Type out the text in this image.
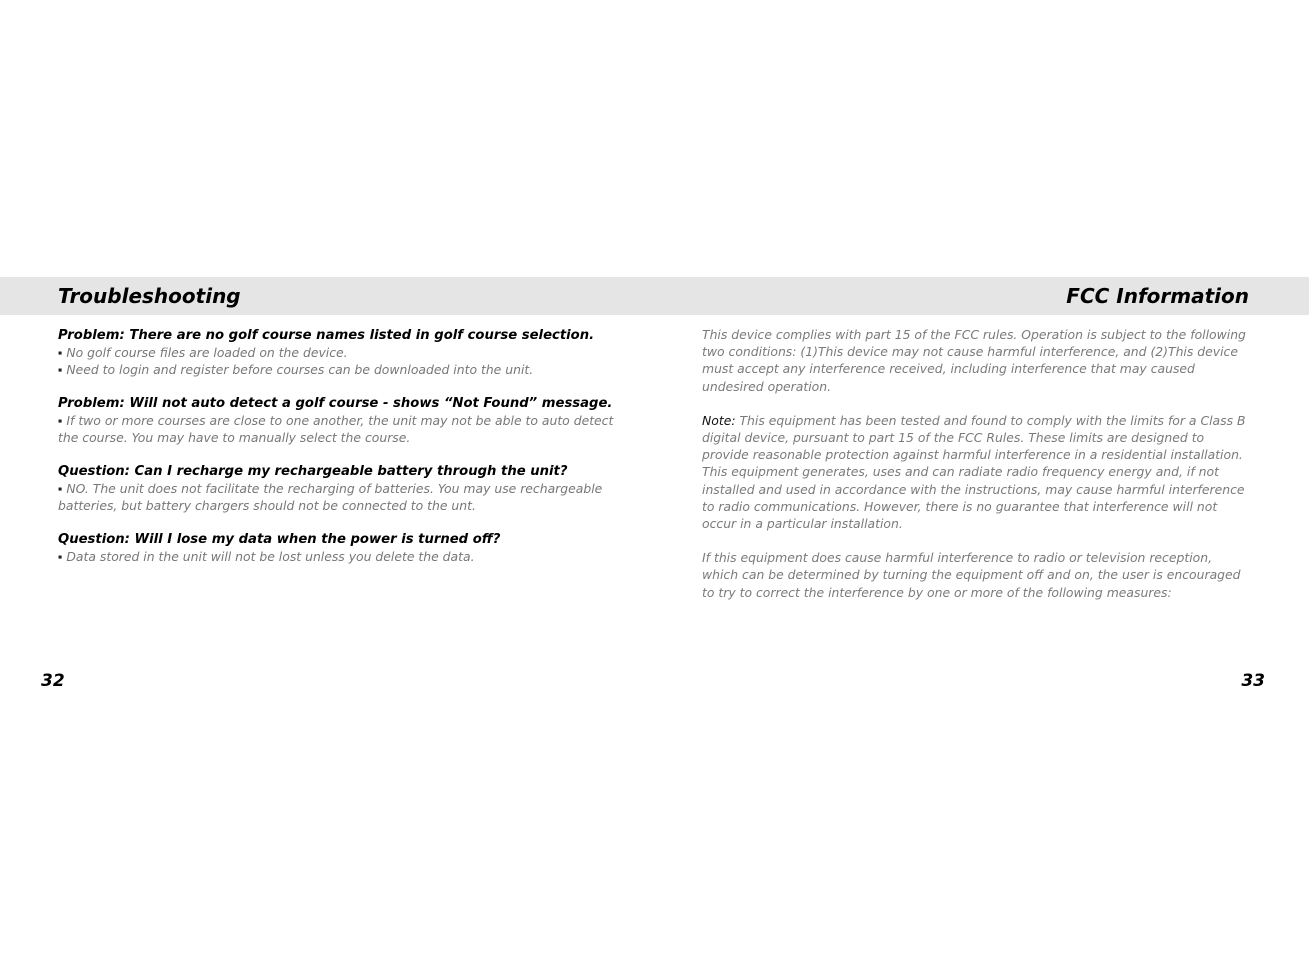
Troubleshooting	FCC Information

Problem: There are no golf course names listed in golf course selection.

▪ No golf course files are loaded on the device.

▪ Need to login and register before courses can be downloaded into the unit.

Problem: Will not auto detect a golf course - shows “Not Found” message.

▪ If two or more courses are close to one another, the unit may not be able to auto detect the course. You may have to manually select the course.

Question: Can I recharge my rechargeable battery through the unit?

▪ NO. The unit does not facilitate the recharging of batteries. You may use rechargeable batteries, but battery chargers should not be connected to the unt.

Question: Will I lose my data when the power is turned off?

▪ Data stored in the unit will not be lost unless you delete the data.

This device complies with part 15 of the FCC rules. Operation is subject to the following two conditions: (1)This device may not cause harmful interference, and (2)This device must accept any interference received, including interference that may caused undesired operation.

Note: This equipment has been tested and found to comply with the limits for a Class B digital device, pursuant to part 15 of the FCC Rules. These limits are designed to provide reasonable protection against harmful interference in a residential installation. This equipment generates, uses and can radiate radio frequency energy and, if not installed and used in accordance with the instructions, may cause harmful interference to radio communications. However, there is no guarantee that interference will not occur in a particular installation.

If this equipment does cause harmful interference to radio or television reception, which can be determined by turning the equipment off and on, the user is encouraged to try to correct the interference by one or more of the following measures:

32	33
